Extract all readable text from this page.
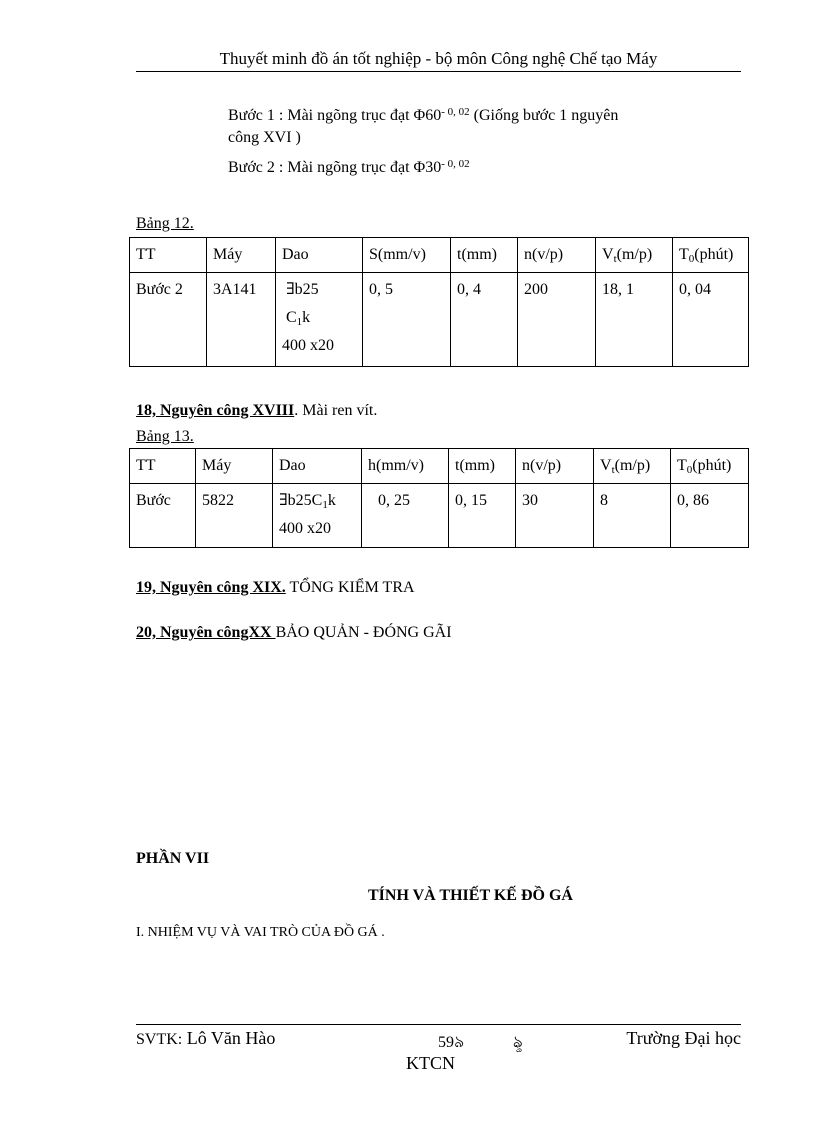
Thuyết minh đồ án tốt nghiệp - bộ môn Công nghệ Chế tạo Máy
Bước 1 : Mài ngõng trục đạt $\Phi 60^{- 0, 02}$ (Giống bước 1 nguyên
công XVI )
Bước 2 : Mài ngõng trục đạt $\Phi 30^{- 0, 02}$
Bảng 12.
TT	Máy	Dao	S(mm/v)	t(mm)	n(v/p)	$V_t(m/p)$	$T_0(phút)$
Bước 2	3A141	∃b25
$C_1k$
400 x20	0, 5	0, 4	200	18, 1	0, 04
18, Nguyên công XVIII. Mài ren vít.
Bảng 13.
TT	Máy	Dao	h(mm/v)	t(mm)	n(v/p)	$V_t(m/p)$	$T_0(phút)$
Bước	5822	$\exists b25C_1k$
400 x20	0, 25	0, 15	30	8	0, 86
19, Nguyên công XIX. TỔNG KIỂM TRA
20, Nguyên côngXX BẢO QUẢN - ĐÓNG GÃI
PHẦN VII
TÍNH VÀ THIẾT KẾ ĐỒ GÁ
I. NHIỆM VỤ VÀ VAI TRÒ CỦA ĐỒ GÁ .
SVTK: Lô Văn Hào	59৯	ৡ	Trường Đại học
KTCN
